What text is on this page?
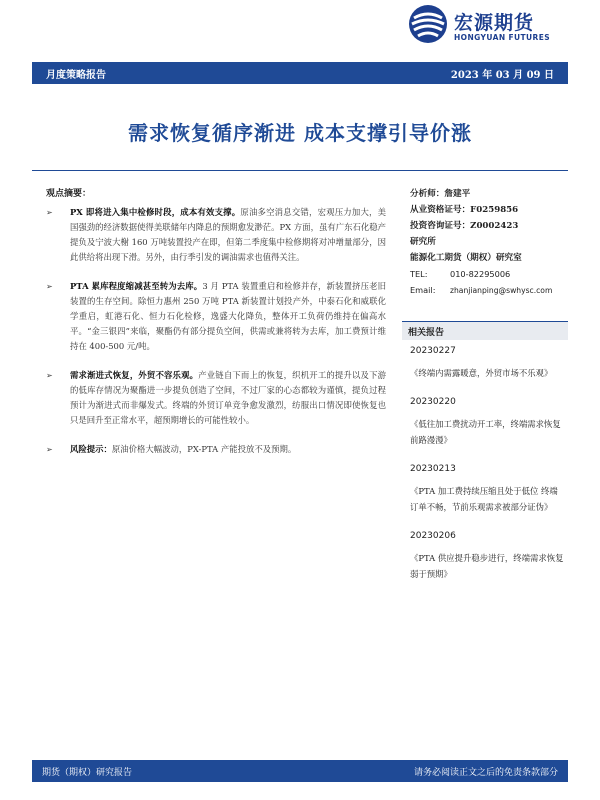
宏源期货
HONGYUAN FUTURES
月度策略报告	2023 年 03 月 09 日
需求恢复循序渐进 成本支撑引导价涨
观点摘要：
➢ PX 即将进入集中检修时段，成本有效支撑。原油多空消息交错，宏观压力加大，美国强劲的经济数据使得美联储年内降息的预期愈发渺茫。PX 方面，虽有广东石化稳产提负及宁波大榭 160 万吨装置投产在即，但第二季度集中检修期将对冲增量部分，因此供给将出现下滑。另外，由行季引发的调油需求也值得关注。
➢ PTA 累库程度缩减甚至转为去库。3 月 PTA 装置重启和检修并存，新装置挤压老旧装置的生存空间。除恒力惠州 250 万吨 PTA 新装置计划投产外，中泰石化和威联化学重启，虹港石化、恒力石化检修，逸盛大化降负，整体开工负荷仍维持在偏高水平。“金三银四”来临，聚酯仍有部分提负空间，供需或兼将转为去库，加工费预计维持在 400-500 元/吨。
➢ 需求渐进式恢复，外贸不容乐观。产业链自下而上的恢复，织机开工的提升以及下游的低库存情况为聚酯进一步提负创造了空间，不过厂家的心态都较为谨慎，提负过程预计为渐进式而非爆发式。终端的外贸订单竞争愈发激烈，纺服出口情况即使恢复也只是回升至正常水平，超预期增长的可能性较小。
➢ 风险提示：原油价格大幅波动，PX-PTA 产能投放不及预期。
分析师：詹建平
从业资格证号：F0259856
投资咨询证号：Z0002423
研究所
能源化工期货（期权）研究室
TEL:	010-82295006
Email: zhanjianping@swhysc.com
相关报告
20230227
《终端内需露暖意，外贸市场不乐观》
20230220
《低往加工费扰动开工率，终端需求恢复前路漫漫》
20230213
《PTA 加工费持续压缩且处于低位 终端订单不畅，节前乐观需求被部分证伪》
20230206
《PTA 供应提升稳步进行，终端需求恢复弱于预期》
期货（期权）研究报告	请务必阅读正文之后的免责条款部分
